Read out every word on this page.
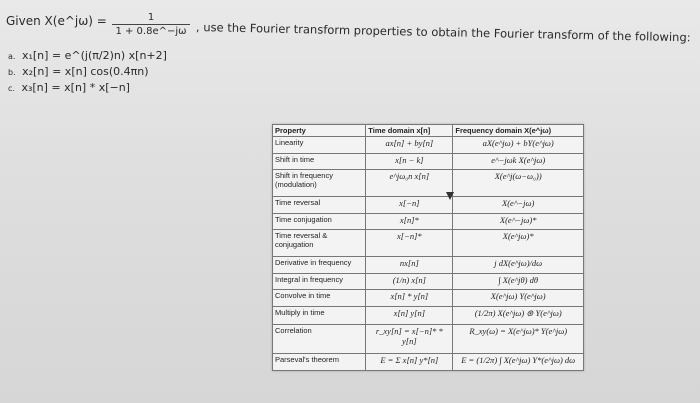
Given X(e^jω) = $\frac{1}{1 + 0.8e\^{}-j\omega}$ , use the Fourier transform properties to obtain the Fourier transform of the following:
a. x₁[n] = e^(j(π/2)n) x[n+2]
b. x₂[n] = x[n] cos(0.4πn)
c. x₃[n] = x[n] * x[−n]
Property	Time domain x[n]	Frequency domain X(e^jω)
Linearity	ax[n] + by[n]	aX(e^jω) + bY(e^jω)
Shift in time	x[n − k]	e^−jωk X(e^jω)
Shift in frequency (modulation)	e^jω₀n x[n]	X(e^j(ω−ω₀))
Time reversal	x[−n]	X(e^−jω)
Time conjugation	x[n]*	X(e^−jω)*
Time reversal & conjugation	x[−n]*	X(e^jω)*
Derivative in frequency	nx[n]	j dX(e^jω)/dω
Integral in frequency	(1/n) x[n]	∫ X(e^jθ) dθ
Convolve in time	x[n] * y[n]	X(e^jω) Y(e^jω)
Multiply in time	x[n] y[n]	(1/2π) X(e^jω) ⊛ Y(e^jω)
Correlation	r_xy[n] = x[−n]* * y[n]	R_xy(ω) = X(e^jω)* Y(e^jω)
Parseval's theorem	E = Σ x[n] y*[n]	E = (1/2π) ∫ X(e^jω) Y*(e^jω) dω
